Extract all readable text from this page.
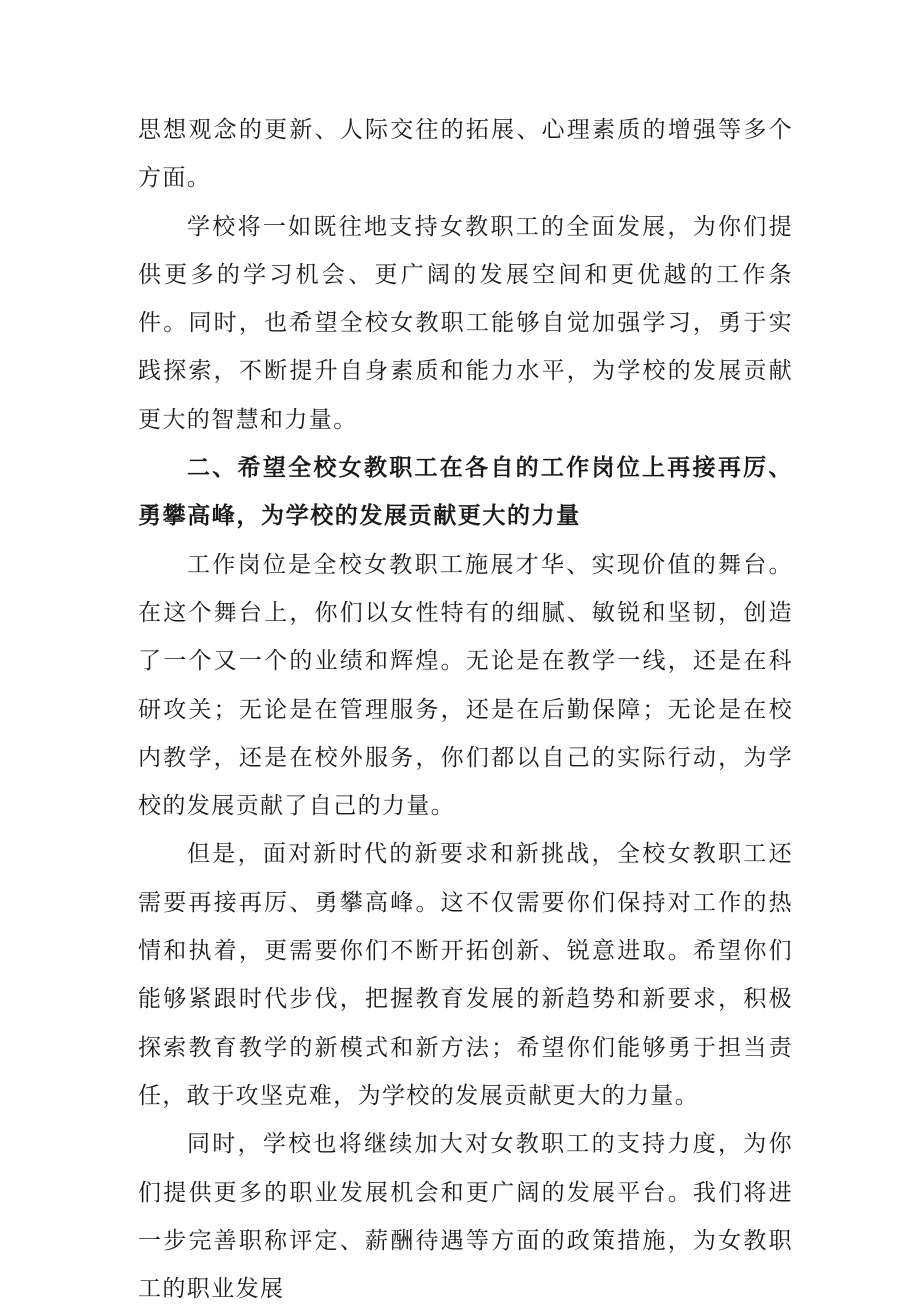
思想观念的更新、人际交往的拓展、心理素质的增强等多个方面。

学校将一如既往地支持女教职工的全面发展，为你们提供更多的学习机会、更广阔的发展空间和更优越的工作条件。同时，也希望全校女教职工能够自觉加强学习，勇于实践探索，不断提升自身素质和能力水平，为学校的发展贡献更大的智慧和力量。

二、希望全校女教职工在各自的工作岗位上再接再厉、勇攀高峰，为学校的发展贡献更大的力量

工作岗位是全校女教职工施展才华、实现价值的舞台。在这个舞台上，你们以女性特有的细腻、敏锐和坚韧，创造了一个又一个的业绩和辉煌。无论是在教学一线，还是在科研攻关；无论是在管理服务，还是在后勤保障；无论是在校内教学，还是在校外服务，你们都以自己的实际行动，为学校的发展贡献了自己的力量。

但是，面对新时代的新要求和新挑战，全校女教职工还需要再接再厉、勇攀高峰。这不仅需要你们保持对工作的热情和执着，更需要你们不断开拓创新、锐意进取。希望你们能够紧跟时代步伐，把握教育发展的新趋势和新要求，积极探索教育教学的新模式和新方法；希望你们能够勇于担当责任，敢于攻坚克难，为学校的发展贡献更大的力量。

同时，学校也将继续加大对女教职工的支持力度，为你们提供更多的职业发展机会和更广阔的发展平台。我们将进一步完善职称评定、薪酬待遇等方面的政策措施，为女教职工的职业发展
